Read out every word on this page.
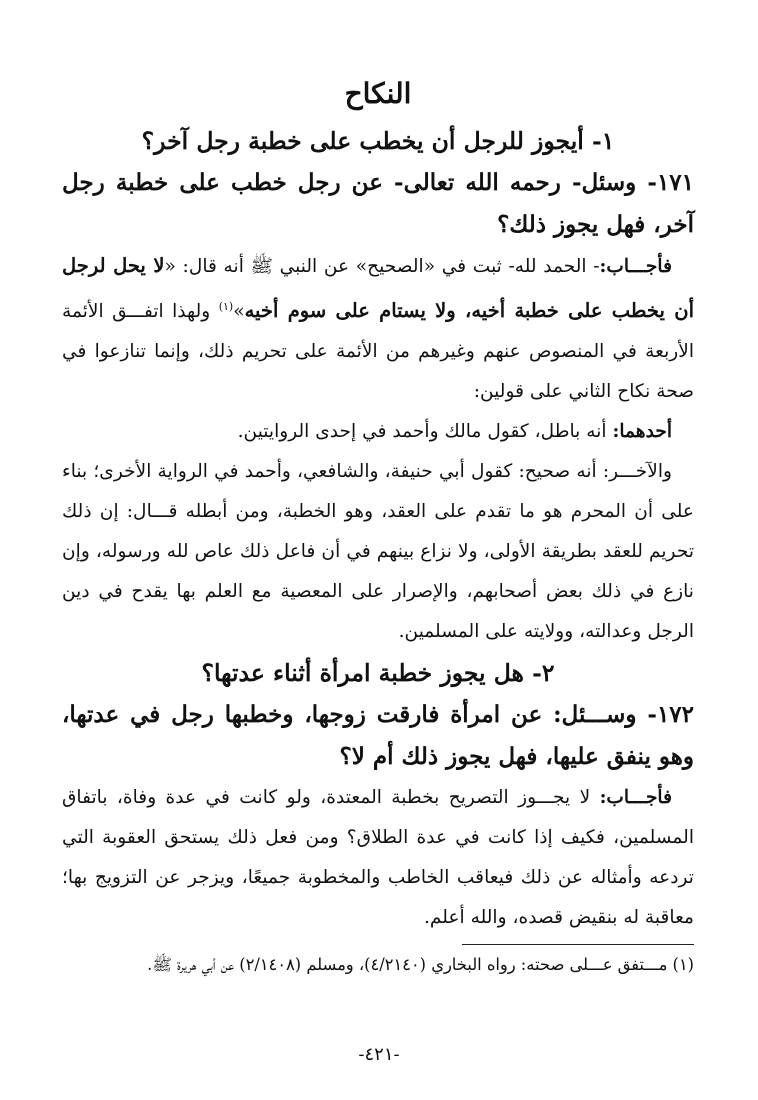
النكاح
١- أيجوز للرجل أن يخطب على خطبة رجل آخر؟

١٧١- وسئل- رحمه الله تعالى- عن رجل خطب على خطبة رجل آخر، فهل يجوز ذلك؟

فأجـــاب:- الحمد لله- ثبت في «الصحيح» عن النبي ﷺ أنه قال: «لا يحل لرجل أن يخطب على خطبة أخيه، ولا يستام على سوم أخيه»$^{(١)}$ ولهذا اتفـــق الأئمة الأربعة في المنصوص عنهم وغيرهم من الأئمة على تحريم ذلك، وإنما تنازعوا في صحة نكاح الثاني على قولين:

أحدهما: أنه باطل، كقول مالك وأحمد في إحدى الروايتين.

والآخـــر: أنه صحيح: كقول أبي حنيفة، والشافعي، وأحمد في الرواية الأخرى؛ بناء على أن المحرم هو ما تقدم على العقد، وهو الخطبة، ومن أبطله قـــال: إن ذلك تحريم للعقد بطريقة الأولى، ولا نزاع بينهم في أن فاعل ذلك عاص لله ورسوله، وإن نازع في ذلك بعض أصحابهم، والإصرار على المعصية مع العلم بها يقدح في دين الرجل وعدالته، وولايته على المسلمين.

٢- هل يجوز خطبة امرأة أثناء عدتها؟

١٧٢- وســـئل: عن امرأة فارقت زوجها، وخطبها رجل في عدتها، وهو ينفق عليها، فهل يجوز ذلك أم لا؟

فأجـــاب: لا يجـــوز التصريح بخطبة المعتدة، ولو كانت في عدة وفاة، باتفاق المسلمين، فكيف إذا كانت في عدة الطلاق؟ ومن فعل ذلك يستحق العقوبة التي تردعه وأمثاله عن ذلك فيعاقب الخاطب والمخطوبة جميعًا، ويزجر عن التزويج بها؛ معاقبة له بنقيض قصده، والله أعلم.

(١) مـــتفق عـــلى صحته: رواه البخاري (٤/٢١٤٠)، ومسلم (٢/١٤٠٨) عن أبي هريرة ﷺ.

-٤٢١-
